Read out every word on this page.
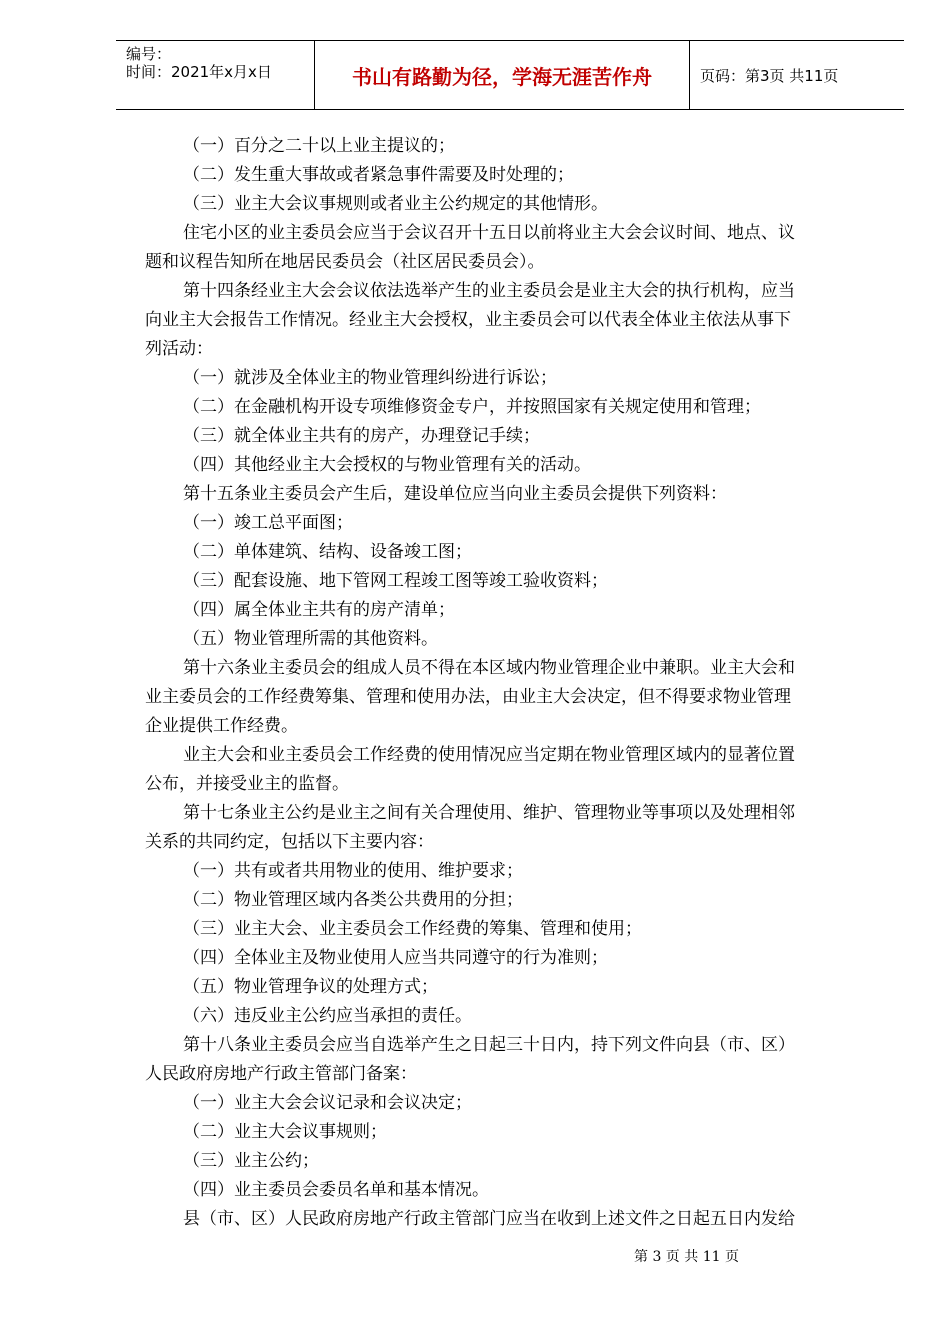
编号：
时间：2021年x月x日	书山有路勤为径，学海无涯苦作舟	页码：第3页 共11页

（一）百分之二十以上业主提议的；

（二）发生重大事故或者紧急事件需要及时处理的；

（三）业主大会议事规则或者业主公约规定的其他情形。

住宅小区的业主委员会应当于会议召开十五日以前将业主大会会议时间、地点、议

题和议程告知所在地居民委员会（社区居民委员会）。

第十四条经业主大会会议依法选举产生的业主委员会是业主大会的执行机构，应当

向业主大会报告工作情况。经业主大会授权，业主委员会可以代表全体业主依法从事下

列活动：

（一）就涉及全体业主的物业管理纠纷进行诉讼；

（二）在金融机构开设专项维修资金专户，并按照国家有关规定使用和管理；

（三）就全体业主共有的房产，办理登记手续；

（四）其他经业主大会授权的与物业管理有关的活动。

第十五条业主委员会产生后，建设单位应当向业主委员会提供下列资料：

（一）竣工总平面图；

（二）单体建筑、结构、设备竣工图；

（三）配套设施、地下管网工程竣工图等竣工验收资料；

（四）属全体业主共有的房产清单；

（五）物业管理所需的其他资料。

第十六条业主委员会的组成人员不得在本区域内物业管理企业中兼职。业主大会和

业主委员会的工作经费筹集、管理和使用办法，由业主大会决定，但不得要求物业管理

企业提供工作经费。

业主大会和业主委员会工作经费的使用情况应当定期在物业管理区域内的显著位置

公布，并接受业主的监督。

第十七条业主公约是业主之间有关合理使用、维护、管理物业等事项以及处理相邻

关系的共同约定，包括以下主要内容：

（一）共有或者共用物业的使用、维护要求；

（二）物业管理区域内各类公共费用的分担；

（三）业主大会、业主委员会工作经费的筹集、管理和使用；

（四）全体业主及物业使用人应当共同遵守的行为准则；

（五）物业管理争议的处理方式；

（六）违反业主公约应当承担的责任。

第十八条业主委员会应当自选举产生之日起三十日内，持下列文件向县（市、区）

人民政府房地产行政主管部门备案：

（一）业主大会会议记录和会议决定；

（二）业主大会议事规则；

（三）业主公约；

（四）业主委员会委员名单和基本情况。

县（市、区）人民政府房地产行政主管部门应当在收到上述文件之日起五日内发给

第 3 页 共 11 页
